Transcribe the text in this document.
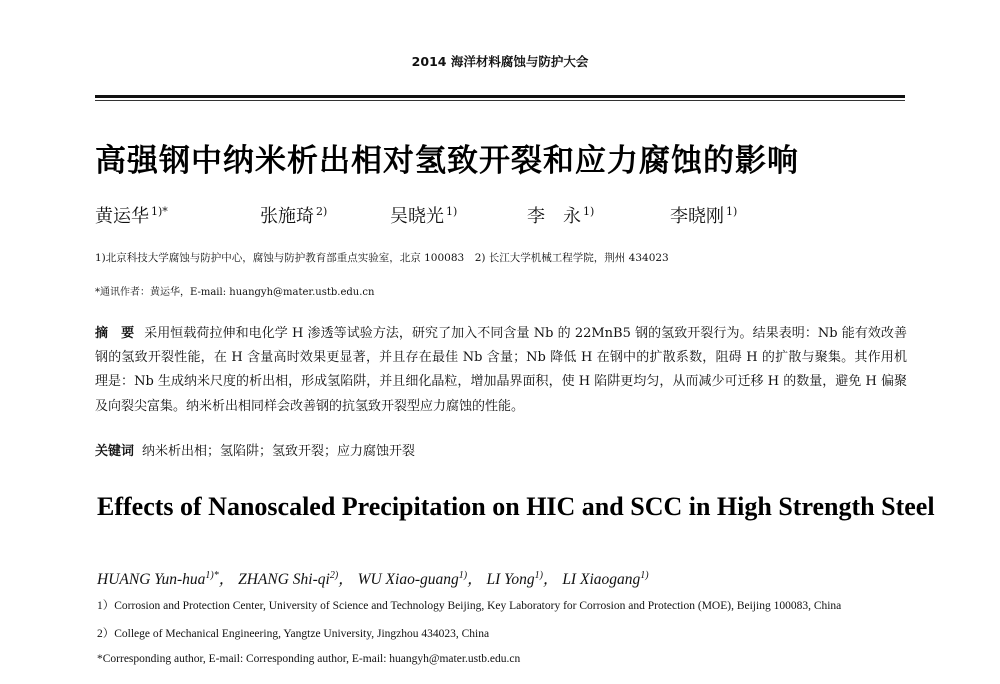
2014 海洋材料腐蚀与防护大会
高强钢中纳米析出相对氢致开裂和应力腐蚀的影响
黄运华 $^{1)*}$	张施琦 $^{2)}$	吴晓光 $^{1)}$	李　永 $^{1)}$	李晓刚 $^{1)}$
1)北京科技大学腐蚀与防护中心，腐蚀与防护教育部重点实验室，北京 100083　2) 长江大学机械工程学院，荆州 434023
*通讯作者：黄运华，E-mail: huangyh@mater.ustb.edu.cn

摘　要 采用恒载荷拉伸和电化学 H 渗透等试验方法，研究了加入不同含量 Nb 的 22MnB5 钢的氢致开裂行为。结果表明：Nb 能有效改善钢的氢致开裂性能，在 H 含量高时效果更显著，并且存在最佳 Nb 含量；Nb 降低 H 在钢中的扩散系数，阻碍 H 的扩散与聚集。其作用机理是：Nb 生成纳米尺度的析出相，形成氢陷阱，并且细化晶粒，增加晶界面积，使 H 陷阱更均匀，从而减少可迁移 H 的数量，避免 H 偏聚及向裂尖富集。纳米析出相同样会改善钢的抗氢致开裂型应力腐蚀的性能。

关键词 纳米析出相；氢陷阱；氢致开裂；应力腐蚀开裂
Effects of Nanoscaled Precipitation on HIC and SCC in High Strength Steel
HUANG Yun-hua$^{1)*}$， ZHANG Shi-$qi^{2)}$， WU Xiao-guang$^{1)}$， LI Yong$^{1)}$， LI Xiaogang$^{1)}$
1）Corrosion and Protection Center, University of Science and Technology Beijing, Key Laboratory for Corrosion and Protection (MOE), Beijing 100083, China
2）College of Mechanical Engineering, Yangtze University, Jingzhou 434023, China
*Corresponding author, E-mail: Corresponding author, E-mail: huangyh@mater.ustb.edu.cn
